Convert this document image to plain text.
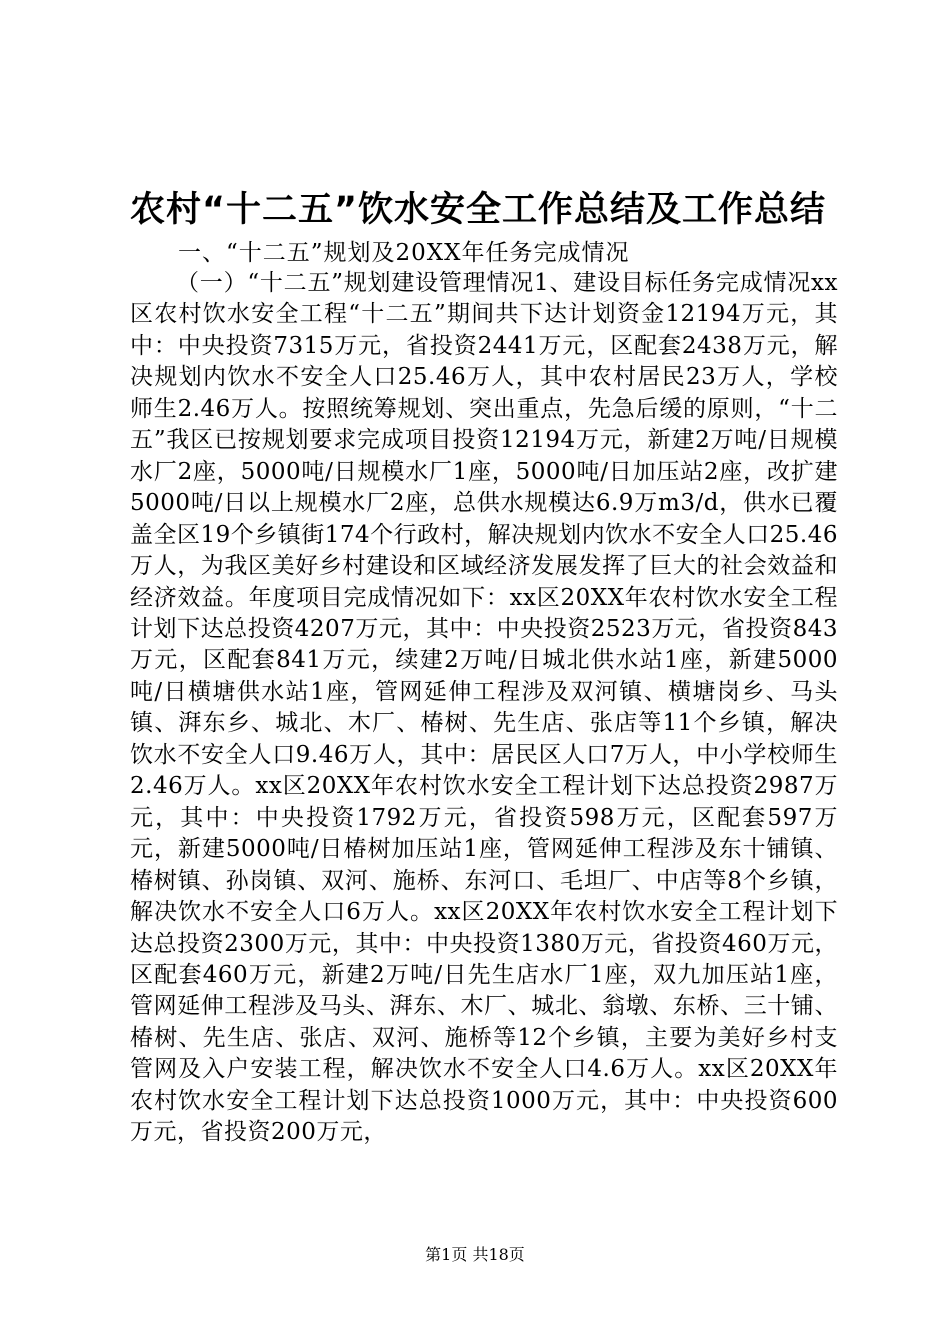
农村“十二五”饮水安全工作总结及工作总结

一、“十二五”规划及20XX年任务完成情况

（一）“十二五”规划建设管理情况1、建设目标任务完成情况xx区农村饮水安全工程“十二五”期间共下达计划资金12194万元，其中：中央投资7315万元，省投资2441万元，区配套2438万元，解决规划内饮水不安全人口25.46万人，其中农村居民23万人，学校师生2.46万人。按照统筹规划、突出重点，先急后缓的原则，“十二五”我区已按规划要求完成项目投资12194万元，新建2万吨/日规模水厂2座，5000吨/日规模水厂1座，5000吨/日加压站2座，改扩建5000吨/日以上规模水厂2座，总供水规模达6.9万m3/d，供水已覆盖全区19个乡镇街174个行政村，解决规划内饮水不安全人口25.46万人，为我区美好乡村建设和区域经济发展发挥了巨大的社会效益和经济效益。年度项目完成情况如下：xx区20XX年农村饮水安全工程计划下达总投资4207万元，其中：中央投资2523万元，省投资843万元，区配套841万元，续建2万吨/日城北供水站1座，新建5000吨/日横塘供水站1座，管网延伸工程涉及双河镇、横塘岗乡、马头镇、湃东乡、城北、木厂、椿树、先生店、张店等11个乡镇，解决饮水不安全人口9.46万人，其中：居民区人口7万人，中小学校师生2.46万人。xx区20XX年农村饮水安全工程计划下达总投资2987万元，其中：中央投资1792万元，省投资598万元，区配套597万元，新建5000吨/日椿树加压站1座，管网延伸工程涉及东十铺镇、椿树镇、孙岗镇、双河、施桥、东河口、毛坦厂、中店等8个乡镇，解决饮水不安全人口6万人。xx区20XX年农村饮水安全工程计划下达总投资2300万元，其中：中央投资1380万元，省投资460万元，区配套460万元，新建2万吨/日先生店水厂1座，双九加压站1座，管网延伸工程涉及马头、湃东、木厂、城北、翁墩、东桥、三十铺、椿树、先生店、张店、双河、施桥等12个乡镇，主要为美好乡村支管网及入户安装工程，解决饮水不安全人口4.6万人。xx区20XX年农村饮水安全工程计划下达总投资1000万元，其中：中央投资600万元，省投资200万元，

第1页 共18页
